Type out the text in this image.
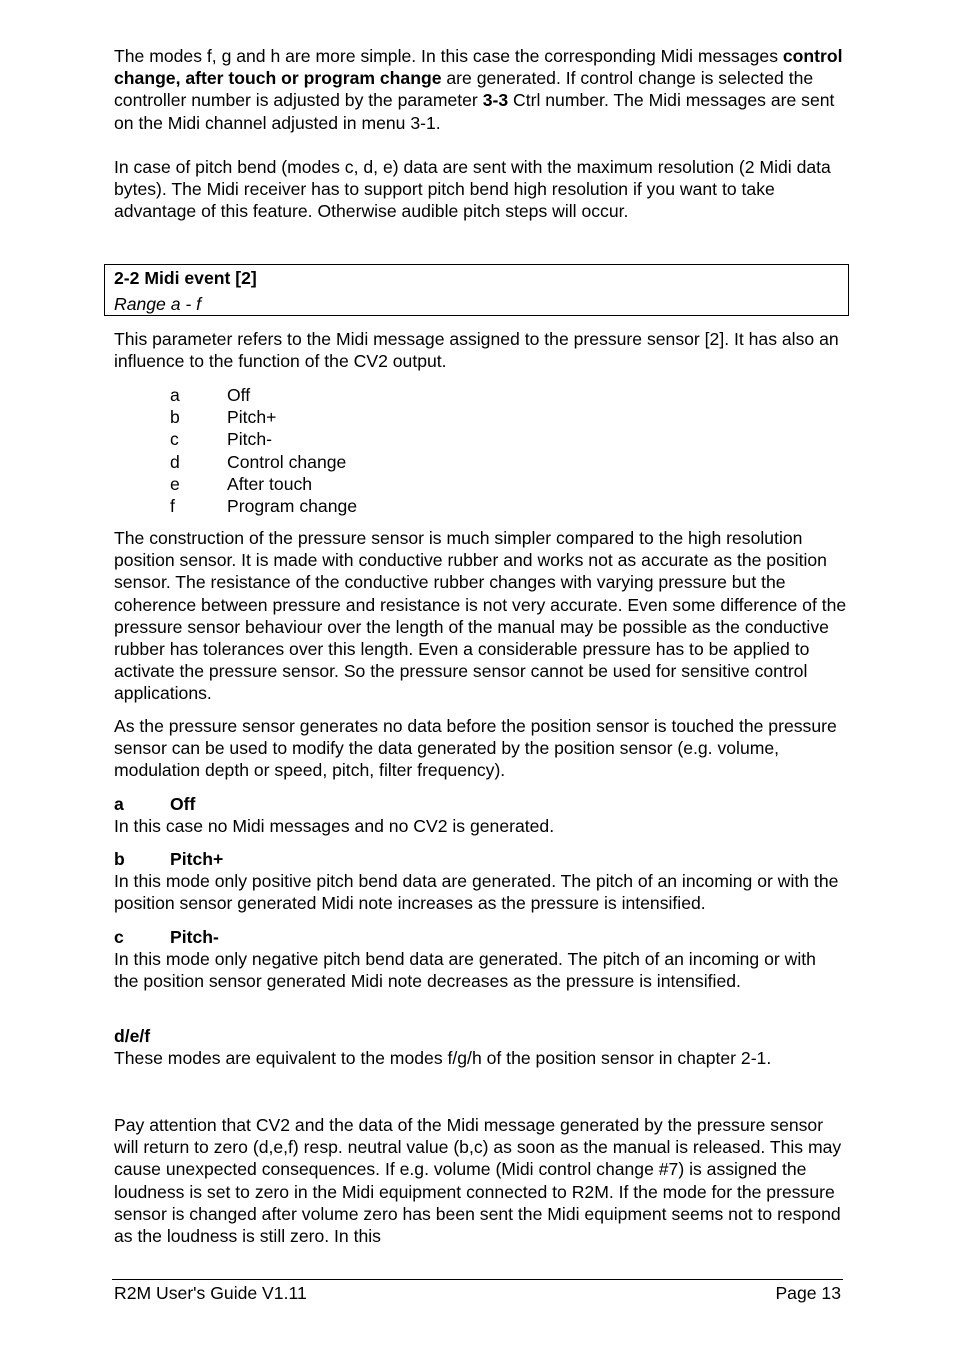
The modes f, g and h are more simple. In this case the corresponding Midi messages control change, after touch or program change are generated. If control change is selected the controller number is adjusted by the parameter 3-3 Ctrl number. The Midi messages are sent on the Midi channel adjusted in menu 3-1.

In case of pitch bend (modes c, d, e) data are sent with the maximum resolution (2 Midi data bytes). The Midi receiver has to support pitch bend high resolution if you want to take advantage of this feature. Otherwise audible pitch steps will occur.

2-2 Midi event [2]
Range a - f

This parameter refers to the Midi message assigned to the pressure sensor [2]. It has also an influence to the function of the CV2 output.

a	Off
b	Pitch+
c	Pitch-
d	Control change
e	After touch
f	Program change

The construction of the pressure sensor is much simpler compared to the high resolution position sensor. It is made with conductive rubber and works not as accurate as the position sensor. The resistance of the conductive rubber changes with varying pressure but the coherence between pressure and resistance is not very accurate. Even some difference of the pressure sensor behaviour over the length of the manual may be possible as the conductive rubber has tolerances over this length. Even a considerable pressure has to be applied to activate the pressure sensor. So the pressure sensor cannot be used for sensitive control applications.

As the pressure sensor generates no data before the position sensor is touched the pressure sensor can be used to modify the data generated by the position sensor (e.g. volume, modulation depth or speed, pitch, filter frequency).

a	Off

In this case no Midi messages and no CV2 is generated.

b	Pitch+

In this mode only positive pitch bend data are generated. The pitch of an incoming or with the position sensor generated Midi note increases as the pressure is intensified.

c	Pitch-

In this mode only negative pitch bend data are generated. The pitch of an incoming or with the position sensor generated Midi note decreases as the pressure is intensified.

d/e/f

These modes are equivalent to the modes f/g/h of the position sensor in chapter 2-1.

Pay attention that CV2 and the data of the Midi message generated by the pressure sensor will return to zero (d,e,f) resp. neutral value (b,c) as soon as the manual is released. This may cause unexpected consequences. If e.g. volume (Midi control change #7) is assigned the loudness is set to zero in the Midi equipment connected to R2M. If the mode for the pressure sensor is changed after volume zero has been sent the Midi equipment seems not to respond as the loudness is still zero. In this

R2M User's Guide V1.11	Page 13
